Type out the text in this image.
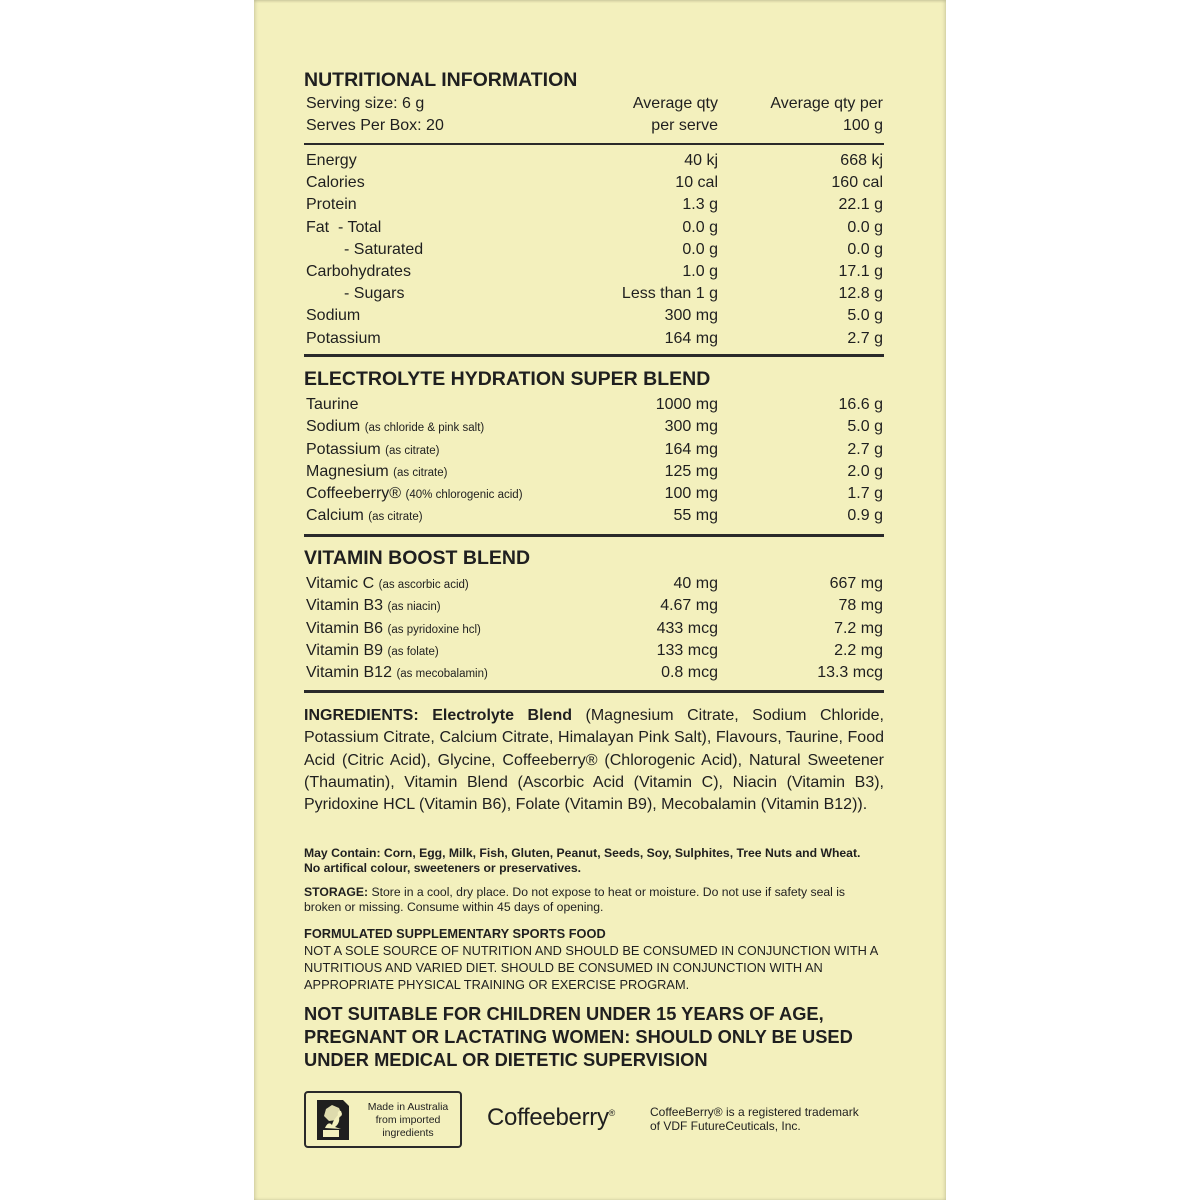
NUTRITIONAL INFORMATION
Serving size: 6 g
Serves Per Box: 20
Average qty
per serve
Average qty per
100 g
Energy	40 kj	668 kj
Calories	10 cal	160 cal
Protein	1.3 g	22.1 g
Fat  - Total	0.0 g	0.0 g
- Saturated	0.0 g	0.0 g
Carbohydrates	1.0 g	17.1 g
- Sugars	Less than 1 g	12.8 g
Sodium	300 mg	5.0 g
Potassium	164 mg	2.7 g
ELECTROLYTE HYDRATION SUPER BLEND
Taurine	1000 mg	16.6 g
Sodium (as chloride & pink salt)	300 mg	5.0 g
Potassium (as citrate)	164 mg	2.7 g
Magnesium (as citrate)	125 mg	2.0 g
Coffeeberry® (40% chlorogenic acid)	100 mg	1.7 g
Calcium (as citrate)	55 mg	0.9 g
VITAMIN BOOST BLEND
Vitamic C (as ascorbic acid)	40 mg	667 mg
Vitamin B3 (as niacin)	4.67 mg	78 mg
Vitamin B6 (as pyridoxine hcl)	433 mcg	7.2 mg
Vitamin B9 (as folate)	133 mcg	2.2 mg
Vitamin B12 (as mecobalamin)	0.8 mcg	13.3 mcg
INGREDIENTS: Electrolyte Blend (Magnesium Citrate, Sodium Chloride, Potassium Citrate, Calcium Citrate, Himalayan Pink Salt), Flavours, Taurine, Food Acid (Citric Acid), Glycine, Coffeeberry® (Chlorogenic Acid), Natural Sweetener (Thaumatin), Vitamin Blend (Ascorbic Acid (Vitamin C), Niacin (Vitamin B3), Pyridoxine HCL (Vitamin B6), Folate (Vitamin B9), Mecobalamin (Vitamin B12)).
May Contain: Corn, Egg, Milk, Fish, Gluten, Peanut, Seeds, Soy, Sulphites, Tree Nuts and Wheat.
No artifical colour, sweeteners or preservatives.
STORAGE: Store in a cool, dry place. Do not expose to heat or moisture. Do not use if safety seal is broken or missing. Consume within 45 days of opening.
FORMULATED SUPPLEMENTARY SPORTS FOOD
NOT A SOLE SOURCE OF NUTRITION AND SHOULD BE CONSUMED IN CONJUNCTION WITH A NUTRITIOUS AND VARIED DIET. SHOULD BE CONSUMED IN CONJUNCTION WITH AN APPROPRIATE PHYSICAL TRAINING OR EXERCISE PROGRAM.
NOT SUITABLE FOR CHILDREN UNDER 15 YEARS OF AGE, PREGNANT OR LACTATING WOMEN: SHOULD ONLY BE USED UNDER MEDICAL OR DIETETIC SUPERVISION
Made in Australia
from imported
ingredients
Coffeeberry®	CoffeeBerry® is a registered trademark
of VDF FutureCeuticals, Inc.
